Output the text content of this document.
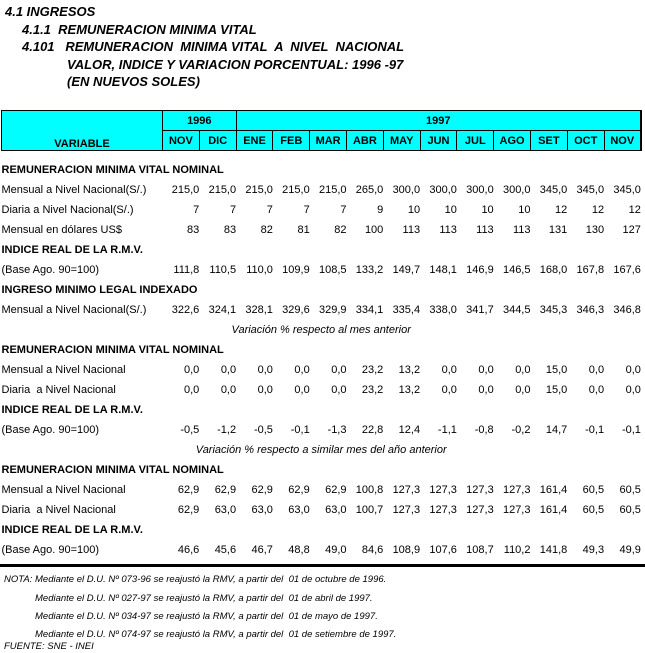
4.1 INGRESOS
4.1.1  REMUNERACION MINIMA VITAL
4.101   REMUNERACION  MINIMA VITAL  A  NIVEL  NACIONAL
VALOR, INDICE Y VARIACION PORCENTUAL: 1996 -97
(EN NUEVOS SOLES)
VARIABLE	1996		1997										
	NOV	DIC	ENE	FEB	MAR	ABR	MAY	JUN	JUL	AGO	SET	OCT	NOV
REMUNERACION MINIMA VITAL NOMINAL													
Mensual a Nivel Nacional(S/.)	215,0	215,0	215,0	215,0	215,0	265,0	300,0	300,0	300,0	300,0	345,0	345,0	345,0
Diaria a Nivel Nacional(S/.)	7	7	7	7	7	9	10	10	10	10	12	12	12
Mensual en dólares US$	83	83	82	81	82	100	113	113	113	113	131	130	127
INDICE REAL DE LA R.M.V.													
(Base Ago. 90=100)	111,8	110,5	110,0	109,9	108,5	133,2	149,7	148,1	146,9	146,5	168,0	167,8	167,6
INGRESO MINIMO LEGAL INDEXADO													
Mensual a Nivel Nacional(S/.)	322,6	324,1	328,1	329,6	329,9	334,1	335,4	338,0	341,7	344,5	345,3	346,3	346,8
Variación % respecto al mes anterior													
REMUNERACION MINIMA VITAL NOMINAL													
Mensual a Nivel Nacional	0,0	0,0	0,0	0,0	0,0	23,2	13,2	0,0	0,0	0,0	15,0	0,0	0,0
Diaria  a Nivel Nacional	0,0	0,0	0,0	0,0	0,0	23,2	13,2	0,0	0,0	0,0	15,0	0,0	0,0
INDICE REAL DE LA R.M.V.													
(Base Ago. 90=100)	-0,5	-1,2	-0,5	-0,1	-1,3	22,8	12,4	-1,1	-0,8	-0,2	14,7	-0,1	-0,1
Variación % respecto a similar mes del año anterior													
REMUNERACION MINIMA VITAL NOMINAL													
Mensual a Nivel Nacional	62,9	62,9	62,9	62,9	62,9	100,8	127,3	127,3	127,3	127,3	161,4	60,5	60,5
Diaria  a Nivel Nacional	62,9	63,0	63,0	63,0	63,0	100,7	127,3	127,3	127,3	127,3	161,4	60,5	60,5
INDICE REAL DE LA R.M.V.													
(Base Ago. 90=100)	46,6	45,6	46,7	48,8	49,0	84,6	108,9	107,6	108,7	110,2	141,8	49,3	49,9
NOTA: Mediante el D.U. Nº 073-96 se reajustó la RMV, a partir del  01 de octubre de 1996.
Mediante el D.U. Nº 027-97 se reajustó la RMV, a partir del  01 de abril de 1997.
Mediante el D.U. Nº 034-97 se reajustó la RMV, a partir del  01 de mayo de 1997.
Mediante el D.U. Nº 074-97 se reajustó la RMV, a partir del  01 de setiembre de 1997.
FUENTE: SNE - INEI
